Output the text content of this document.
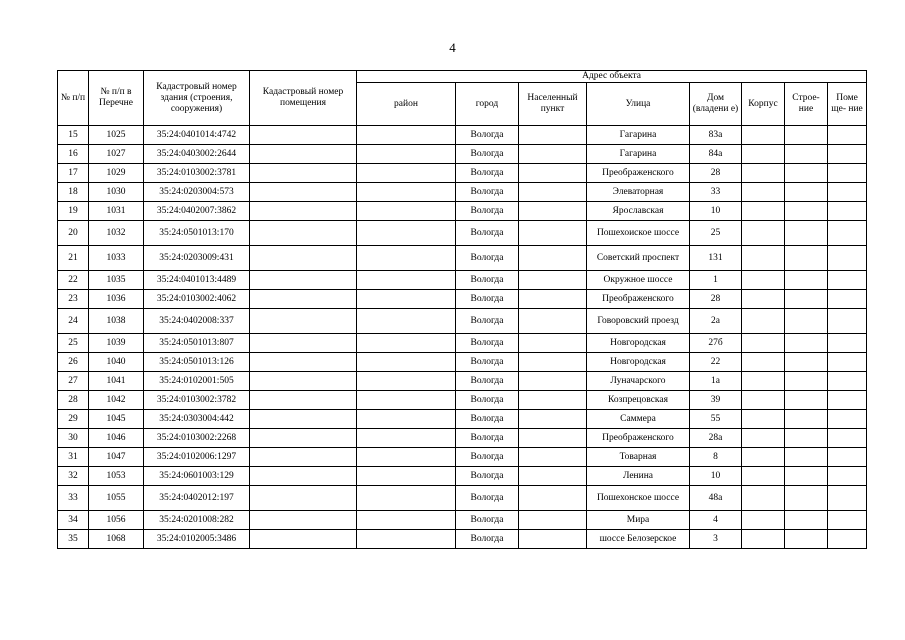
4
№ п/п	№ п/п в Перечне	Кадастровый номер здания (строения, сооружения)	Кадастровый номер помещения	Адрес объекта							
				район	город	Населенный пункт	Улица	Дом (владени е)	Корпус	Строе- ние	Поме ще- ние
15	1025	35:24:0401014:4742			Вологда		Гагарина	83а			
16	1027	35:24:0403002:2644			Вологда		Гагарина	84а			
17	1029	35:24:0103002:3781			Вологда		Преображенского	28			
18	1030	35:24:0203004:573			Вологда		Элеваторная	33			
19	1031	35:24:0402007:3862			Вологда		Ярославская	10			
20	1032	35:24:0501013:170			Вологда		Пошехоиское шоссе	25			
21	1033	35:24:0203009:431			Вологда		Советский проспект	131			
22	1035	35:24:0401013:4489			Вологда		Окружное шоссе	1			
23	1036	35:24:0103002:4062			Вологда		Преображенского	28			
24	1038	35:24:0402008:337			Вологда		Говоровский проезд	2а			
25	1039	35:24:0501013:807			Вологда		Новгородская	27б			
26	1040	35:24:0501013:126			Вологда		Новгородская	22			
27	1041	35:24:0102001:505			Вологда		Луначарского	1а			
28	1042	35:24:0103002:3782			Вологда		Козпрецовская	39			
29	1045	35:24:0303004:442			Вологда		Саммера	55			
30	1046	35:24:0103002:2268			Вологда		Преображенского	28а			
31	1047	35:24:0102006:1297			Вологда		Товарная	8			
32	1053	35:24:0601003:129			Вологда		Ленина	10			
33	1055	35:24:0402012:197			Вологда		Пошехонское шоссе	48а			
34	1056	35:24:0201008:282			Вологда		Мира	4			
35	1068	35:24:0102005:3486			Вологда		шоссе Белозерское	3			
